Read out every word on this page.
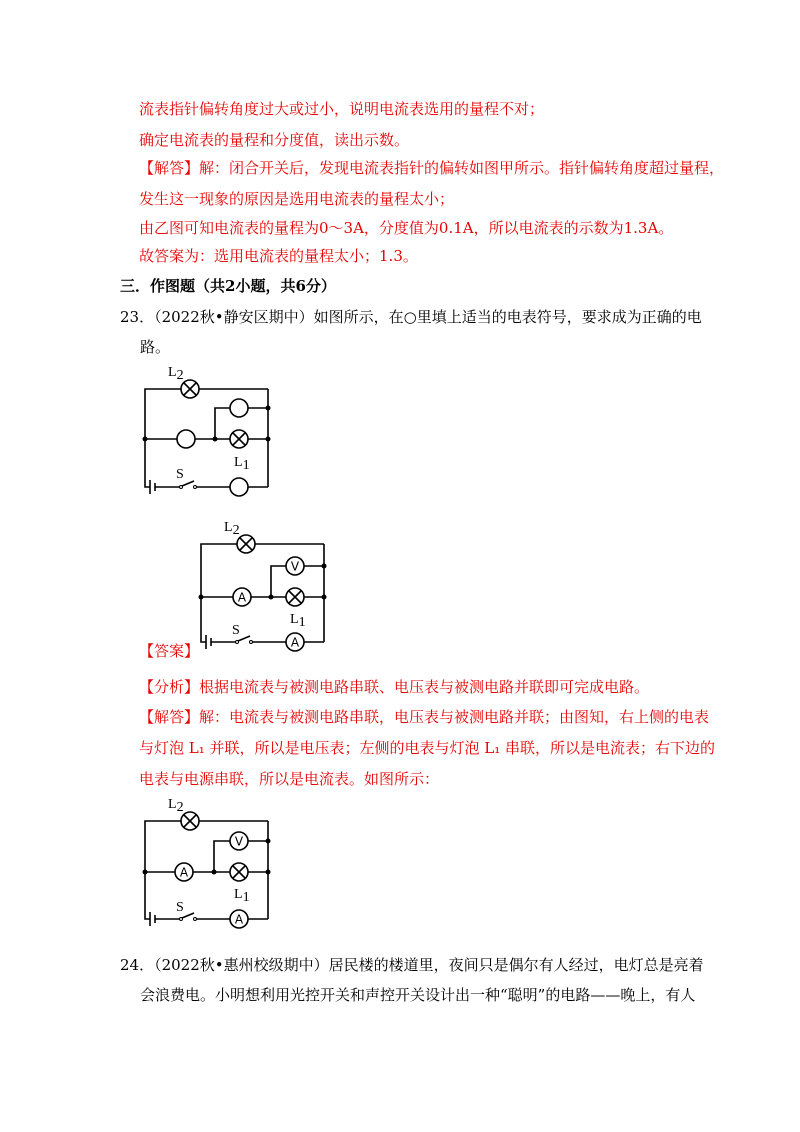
流表指针偏转角度过大或过小，说明电流表选用的量程不对；
确定电流表的量程和分度值，读出示数。
【解答】解：闭合开关后，发现电流表指针的偏转如图甲所示。指针偏转角度超过量程，
发生这一现象的原因是选用电流表的量程太小；
由乙图可知电流表的量程为0～3A，分度值为0.1A，所以电流表的示数为1.3A。
故答案为：选用电流表的量程太小；1.3。
三．作图题（共2小题，共6分）
23．（2022秋•静安区期中）如图所示，在○里填上适当的电表符号，要求成为正确的电
路。
L2
L1
S
V
A
A
L2
L1
S
【答案】
【分析】根据电流表与被测电路串联、电压表与被测电路并联即可完成电路。
【解答】解：电流表与被测电路串联，电压表与被测电路并联；由图知，右上侧的电表
与灯泡 L₁ 并联，所以是电压表；左侧的电表与灯泡 L₁ 串联，所以是电流表；右下边的
电表与电源串联，所以是电流表。如图所示：
V
A
A
L2
L1
S
24．（2022秋•惠州校级期中）居民楼的楼道里，夜间只是偶尔有人经过，电灯总是亮着
会浪费电。小明想利用光控开关和声控开关设计出一种“聪明”的电路——晚上，有人
